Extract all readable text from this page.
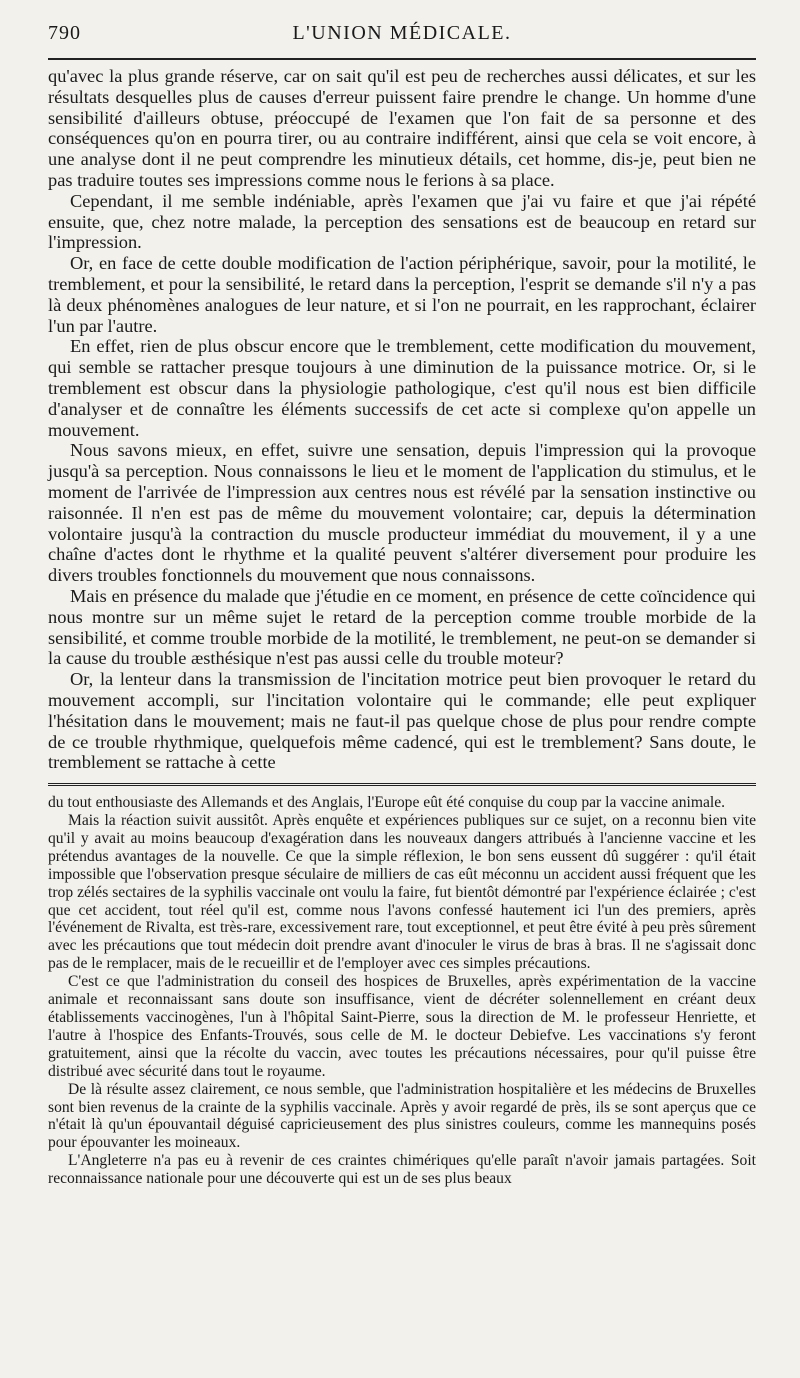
790	L'UNION MÉDICALE.

qu'avec la plus grande réserve, car on sait qu'il est peu de recherches aussi délicates, et sur les résultats desquelles plus de causes d'erreur puissent faire prendre le change. Un homme d'une sensibilité d'ailleurs obtuse, préoccupé de l'examen que l'on fait de sa personne et des conséquences qu'on en pourra tirer, ou au contraire indifférent, ainsi que cela se voit encore, à une analyse dont il ne peut comprendre les minutieux détails, cet homme, dis-je, peut bien ne pas traduire toutes ses impressions comme nous le ferions à sa place.

Cependant, il me semble indéniable, après l'examen que j'ai vu faire et que j'ai répété ensuite, que, chez notre malade, la perception des sensations est de beaucoup en retard sur l'impression.

Or, en face de cette double modification de l'action périphérique, savoir, pour la motilité, le tremblement, et pour la sensibilité, le retard dans la perception, l'esprit se demande s'il n'y a pas là deux phénomènes analogues de leur nature, et si l'on ne pourrait, en les rapprochant, éclairer l'un par l'autre.

En effet, rien de plus obscur encore que le tremblement, cette modification du mouvement, qui semble se rattacher presque toujours à une diminution de la puissance motrice. Or, si le tremblement est obscur dans la physiologie pathologique, c'est qu'il nous est bien difficile d'analyser et de connaître les éléments successifs de cet acte si complexe qu'on appelle un mouvement.

Nous savons mieux, en effet, suivre une sensation, depuis l'impression qui la provoque jusqu'à sa perception. Nous connaissons le lieu et le moment de l'application du stimulus, et le moment de l'arrivée de l'impression aux centres nous est révélé par la sensation instinctive ou raisonnée. Il n'en est pas de même du mouvement volontaire; car, depuis la détermination volontaire jusqu'à la contraction du muscle producteur immédiat du mouvement, il y a une chaîne d'actes dont le rhythme et la qualité peuvent s'altérer diversement pour produire les divers troubles fonctionnels du mouvement que nous connaissons.

Mais en présence du malade que j'étudie en ce moment, en présence de cette coïncidence qui nous montre sur un même sujet le retard de la perception comme trouble morbide de la sensibilité, et comme trouble morbide de la motilité, le tremblement, ne peut-on se demander si la cause du trouble æsthésique n'est pas aussi celle du trouble moteur?

Or, la lenteur dans la transmission de l'incitation motrice peut bien provoquer le retard du mouvement accompli, sur l'incitation volontaire qui le commande; elle peut expliquer l'hésitation dans le mouvement; mais ne faut-il pas quelque chose de plus pour rendre compte de ce trouble rhythmique, quelquefois même cadencé, qui est le tremblement? Sans doute, le tremblement se rattache à cette

du tout enthousiaste des Allemands et des Anglais, l'Europe eût été conquise du coup par la vaccine animale.

Mais la réaction suivit aussitôt. Après enquête et expériences publiques sur ce sujet, on a reconnu bien vite qu'il y avait au moins beaucoup d'exagération dans les nouveaux dangers attribués à l'ancienne vaccine et les prétendus avantages de la nouvelle. Ce que la simple réflexion, le bon sens eussent dû suggérer : qu'il était impossible que l'observation presque séculaire de milliers de cas eût méconnu un accident aussi fréquent que les trop zélés sectaires de la syphilis vaccinale ont voulu la faire, fut bientôt démontré par l'expérience éclairée ; c'est que cet accident, tout réel qu'il est, comme nous l'avons confessé hautement ici l'un des premiers, après l'événement de Rivalta, est très-rare, excessivement rare, tout exceptionnel, et peut être évité à peu près sûrement avec les précautions que tout médecin doit prendre avant d'inoculer le virus de bras à bras. Il ne s'agissait donc pas de le remplacer, mais de le recueillir et de l'employer avec ces simples précautions.

C'est ce que l'administration du conseil des hospices de Bruxelles, après expérimentation de la vaccine animale et reconnaissant sans doute son insuffisance, vient de décréter solennellement en créant deux établissements vaccinogènes, l'un à l'hôpital Saint-Pierre, sous la direction de M. le professeur Henriette, et l'autre à l'hospice des Enfants-Trouvés, sous celle de M. le docteur Debiefve. Les vaccinations s'y feront gratuitement, ainsi que la récolte du vaccin, avec toutes les précautions nécessaires, pour qu'il puisse être distribué avec sécurité dans tout le royaume.

De là résulte assez clairement, ce nous semble, que l'administration hospitalière et les médecins de Bruxelles sont bien revenus de la crainte de la syphilis vaccinale. Après y avoir regardé de près, ils se sont aperçus que ce n'était là qu'un épouvantail déguisé capricieusement des plus sinistres couleurs, comme les mannequins posés pour épouvanter les moineaux.

L'Angleterre n'a pas eu à revenir de ces craintes chimériques qu'elle paraît n'avoir jamais partagées. Soit reconnaissance nationale pour une découverte qui est un de ses plus beaux
